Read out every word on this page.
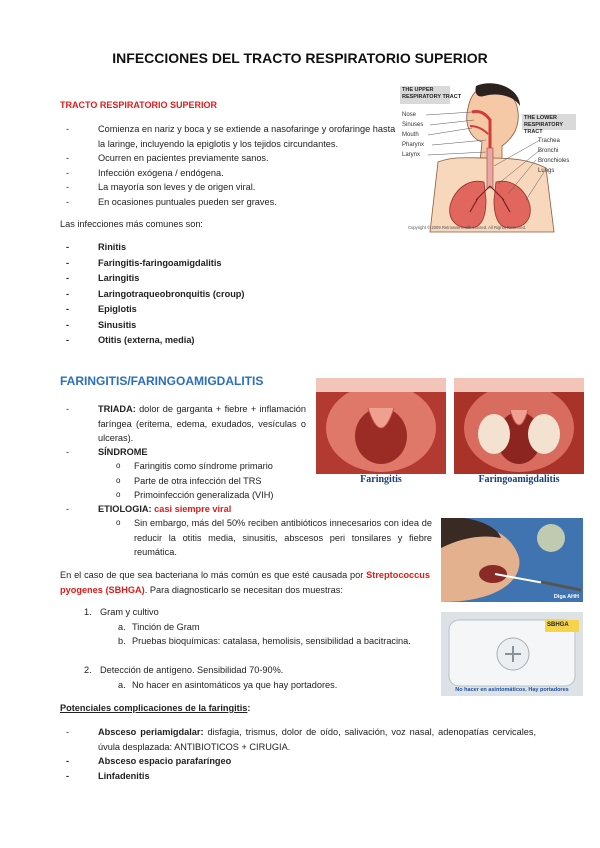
INFECCIONES DEL TRACTO RESPIRATORIO SUPERIOR
TRACTO RESPIRATORIO SUPERIOR
- Comienza en nariz y boca y se extiende a nasofaringe y orofaringe hasta la laringe, incluyendo la epiglotis y los tejidos circundantes.
- Ocurren en pacientes previamente sanos.
- Infección exógena / endógena.
- La mayoría son leves y de origen viral.
- En ocasiones puntuales pueden ser graves.
Las infecciones más comunes son:
- Rinitis
- Faringitis-faringoamigdalitis
- Laringitis
- Laringotraqueobronquitis (croup)
- Epiglotis
- Sinusitis
- Otitis (externa, media)
THE UPPER
RESPIRATORY TRACT
THE LOWER
RESPIRATORY TRACT
Nose
Sinuses
Mouth
Pharynx
Larynx
Trachea
Bronchi
Bronchioles
Lungs
Copyright © 2009 RetrowellHealth Limited. All Rights Reserved.
FARINGITIS/FARINGOAMIGDALITIS
-	TRIADA: dolor de garganta + fiebre + inflamación faríngea (eritema, edema, exudados, vesículas o ulceras).
-	SÍNDROME
o Faringitis como síndrome primario
o Parte de otra infección del TRS
o Primoinfección generalizada (VIH)
-	ETIOLOGIA: casi siempre viral
o Sin embargo, más del 50% reciben antibióticos innecesarios con idea de reducir la otitis media, sinusitis, abscesos peri tonsilares y fiebre reumática.
En el caso de que sea bacteriana lo más común es que esté causada por Streptococcus pyogenes (SBHGA). Para diagnosticarlo se necesitan dos muestras:
1. Gram y cultivo
a. Tinción de Gram
b. Pruebas bioquímicas: catalasa, hemolisis, sensibilidad a bacitracina.
2. Detección de antígeno. Sensibilidad 70-90%.
a. No hacer en asintomáticos ya que hay portadores.
Faringitis	Faringoamigdalitis
Diga AHH
SBHGA
No hacer en asintomáticos. Hay portadores
Potenciales complicaciones de la faringitis:
-	Absceso periamigdalar: disfagia, trismus, dolor de oído, salivación, voz nasal, adenopatías cervicales, úvula desplazada: ANTIBIOTICOS + CIRUGIA.
- Absceso espacio parafaríngeo
- Linfadenitis
